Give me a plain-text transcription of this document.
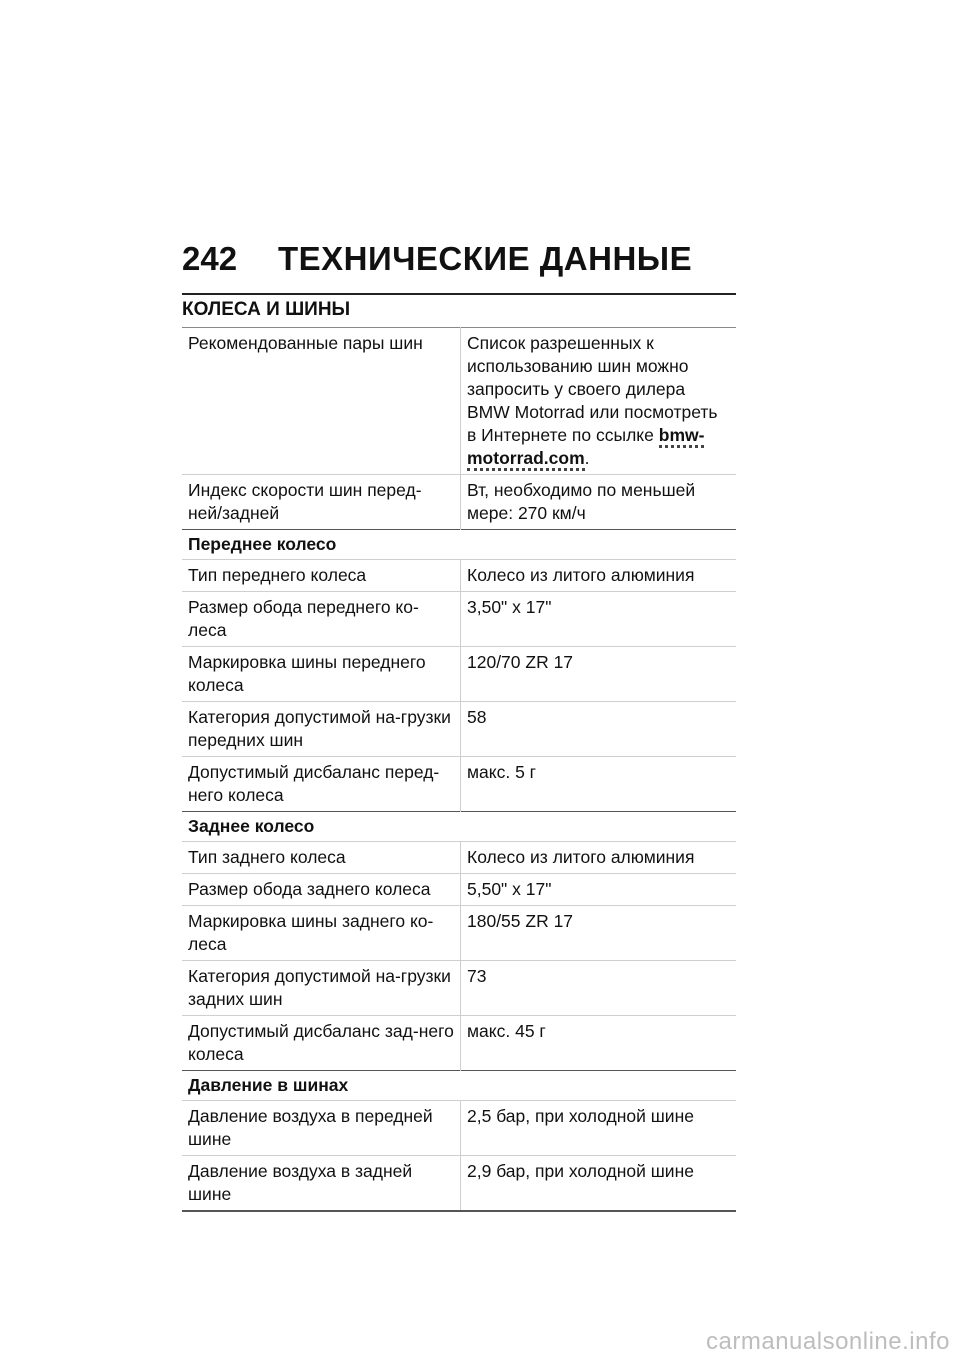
242	ТЕХНИЧЕСКИЕ ДАННЫЕ
КОЛЕСА И ШИНЫ
Рекомендованные пары шин	Список разрешенных к использованию шин можно запросить у своего дилера BMW Motorrad или посмотреть в Интернете по ссылке bmw-motorrad.com.
Индекс скорости шин перед-ней/задней	Вт, необходимо по меньшей мере: 270 км/ч
Переднее колесо	
Тип переднего колеса	Колесо из литого алюминия
Размер обода переднего ко-леса	3,50" x 17"
Маркировка шины переднего колеса	120/70 ZR 17
Категория допустимой на-грузки передних шин	58
Допустимый дисбаланс перед-него колеса	макс. 5 г
Заднее колесо	
Тип заднего колеса	Колесо из литого алюминия
Размер обода заднего колеса	5,50" x 17"
Маркировка шины заднего ко-леса	180/55 ZR 17
Категория допустимой на-грузки задних шин	73
Допустимый дисбаланс зад-него колеса	макс. 45 г
Давление в шинах	
Давление воздуха в передней шине	2,5 бар, при холодной шине
Давление воздуха в задней шине	2,9 бар, при холодной шине
carmanualsonline.info
